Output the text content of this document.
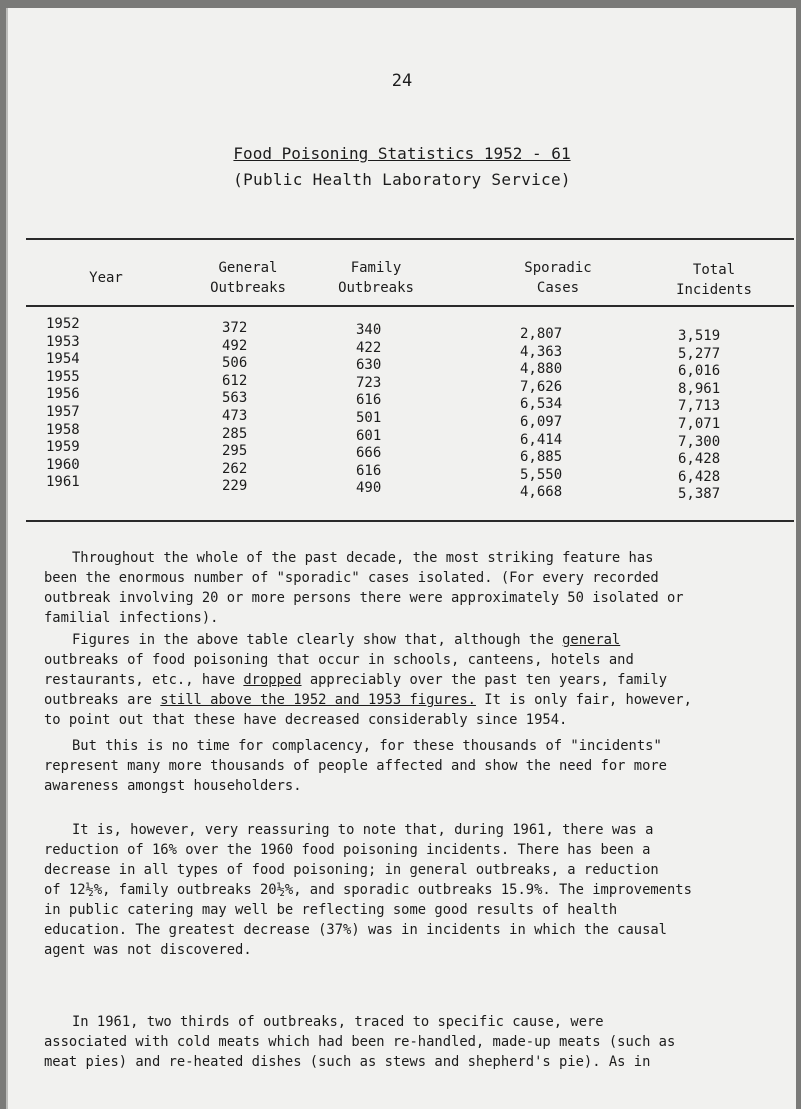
24
Food Poisoning Statistics 1952 - 61
(Public Health Laboratory Service)
Year
General
Outbreaks
Family
Outbreaks
Sporadic
Cases
Total
Incidents
1952
1953
1954
1955
1956
1957
1958
1959
1960
1961
372
492
506
612
563
473
285
295
262
229
340
422
630
723
616
501
601
666
616
490
2,807
4,363
4,880
7,626
6,534
6,097
6,414
6,885
5,550
4,668
3,519
5,277
6,016
8,961
7,713
7,071
7,300
6,428
6,428
5,387
Throughout the whole of the past decade, the most striking feature has
been the enormous number of "sporadic" cases isolated. (For every recorded
outbreak involving 20 or more persons there were approximately 50 isolated or
familial infections).
Figures in the above table clearly show that, although the general
outbreaks of food poisoning that occur in schools, canteens, hotels and
restaurants, etc., have dropped appreciably over the past ten years, family
outbreaks are still above the 1952 and 1953 figures. It is only fair, however,
to point out that these have decreased considerably since 1954.
But this is no time for complacency, for these thousands of "incidents"
represent many more thousands of people affected and show the need for more
awareness amongst householders.
It is, however, very reassuring to note that, during 1961, there was a
reduction of 16% over the 1960 food poisoning incidents. There has been a
decrease in all types of food poisoning; in general outbreaks, a reduction
of 12½%, family outbreaks 20½%, and sporadic outbreaks 15.9%. The improvements
in public catering may well be reflecting some good results of health
education. The greatest decrease (37%) was in incidents in which the causal
agent was not discovered.
In 1961, two thirds of outbreaks, traced to specific cause, were
associated with cold meats which had been re-handled, made-up meats (such as
meat pies) and re-heated dishes (such as stews and shepherd's pie). As in
